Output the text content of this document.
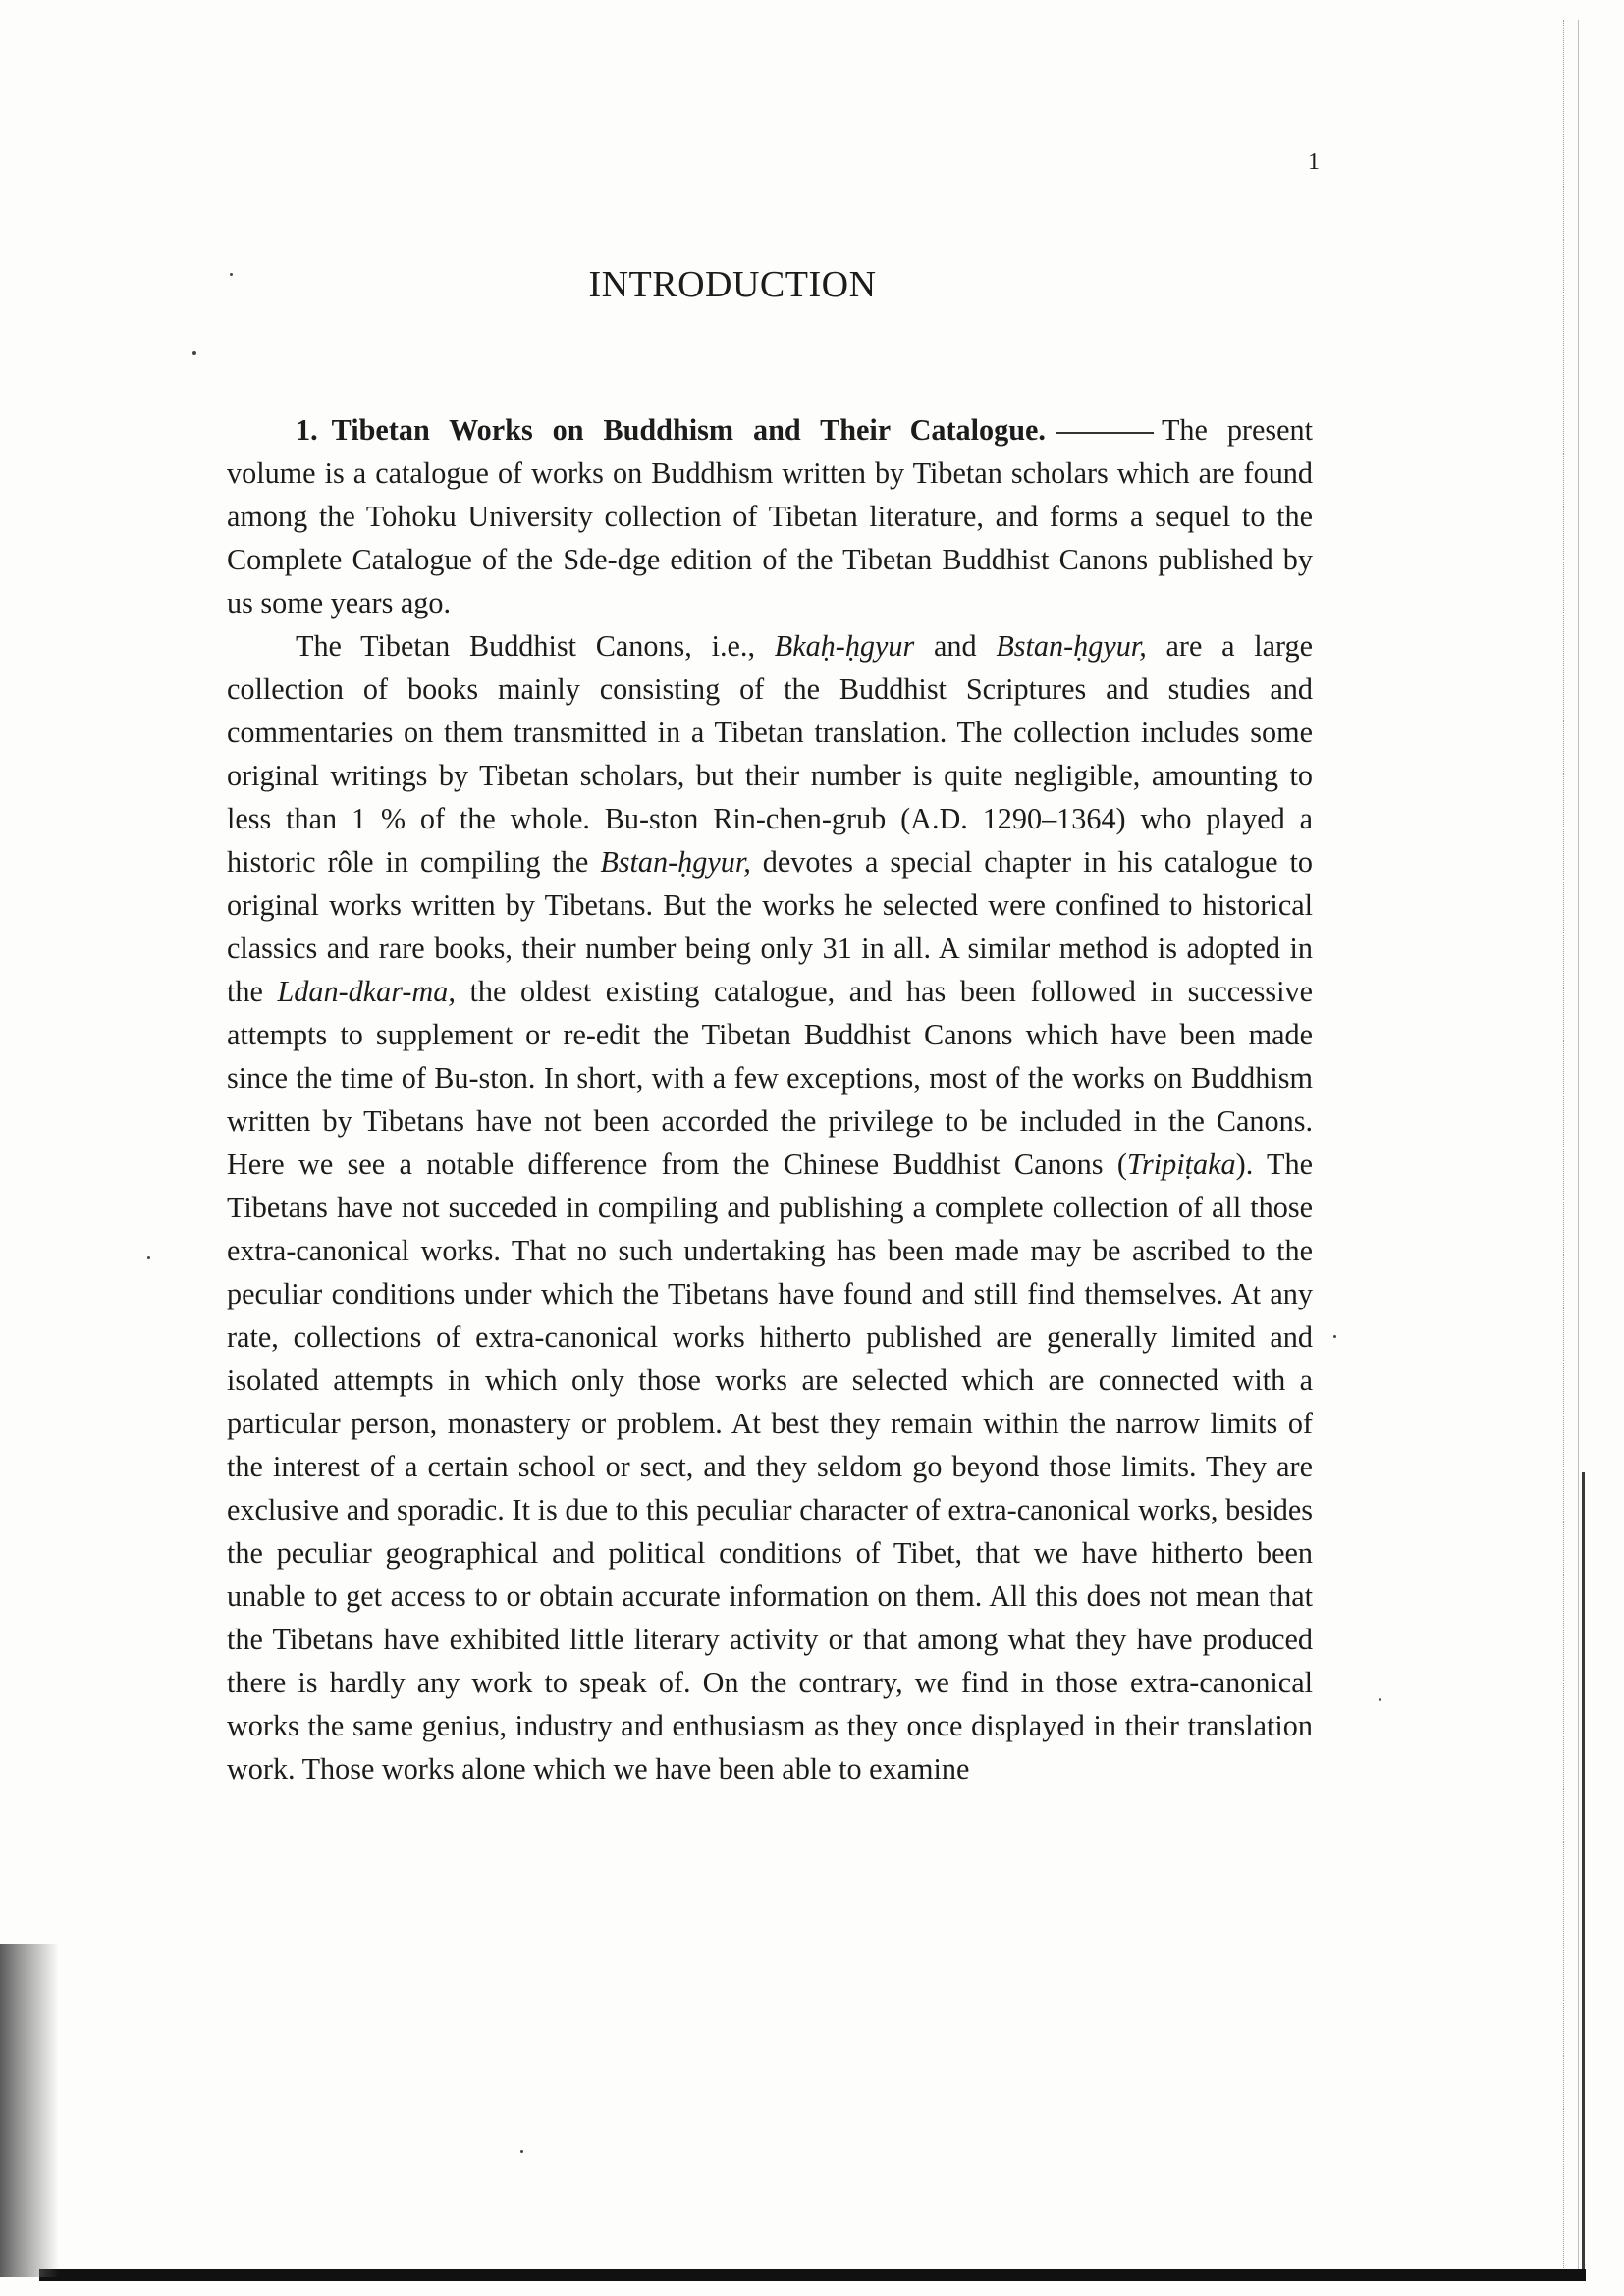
1
INTRODUCTION

1. Tibetan Works on Buddhism and Their Catalogue.	The present volume is a catalogue of works on Buddhism written by Tibetan scholars which are found among the Tohoku University collection of Tibetan literature, and forms a sequel to the Complete Catalogue of the Sde-dge edition of the Tibetan Buddhist Canons published by us some years ago.

The Tibetan Buddhist Canons, i.e., Bkaḥ-ḥgyur and Bstan-ḥgyur, are a large collection of books mainly consisting of the Buddhist Scriptures and studies and commentaries on them transmitted in a Tibetan translation. The collection includes some original writings by Tibetan scholars, but their number is quite negligible, amounting to less than 1 % of the whole. Bu-ston Rin-chen-grub (A.D. 1290–1364) who played a historic rôle in compiling the Bstan-ḥgyur, devotes a special chapter in his catalogue to original works written by Tibetans. But the works he selected were confined to historical classics and rare books, their number being only 31 in all. A similar method is adopted in the Ldan-dkar-ma, the oldest existing catalogue, and has been followed in successive attempts to supplement or re-edit the Tibetan Buddhist Canons which have been made since the time of Bu-ston. In short, with a few exceptions, most of the works on Buddhism written by Tibetans have not been accorded the privilege to be included in the Canons. Here we see a notable difference from the Chinese Buddhist Canons (Tripiṭaka). The Tibetans have not succeded in compiling and publishing a complete collection of all those extra-canonical works. That no such undertaking has been made may be ascribed to the peculiar conditions under which the Tibetans have found and still find themselves. At any rate, collections of extra-canonical works hitherto published are generally limited and isolated attempts in which only those works are selected which are connected with a particular person, monastery or problem. At best they remain within the narrow limits of the interest of a certain school or sect, and they seldom go beyond those limits. They are exclusive and sporadic. It is due to this peculiar character of extra-canonical works, besides the peculiar geographical and political conditions of Tibet, that we have hitherto been unable to get access to or obtain accurate information on them. All this does not mean that the Tibetans have exhibited little literary activity or that among what they have produced there is hardly any work to speak of. On the contrary, we find in those extra-canonical works the same genius, industry and enthusiasm as they once displayed in their translation work. Those works alone which we have been able to examine
